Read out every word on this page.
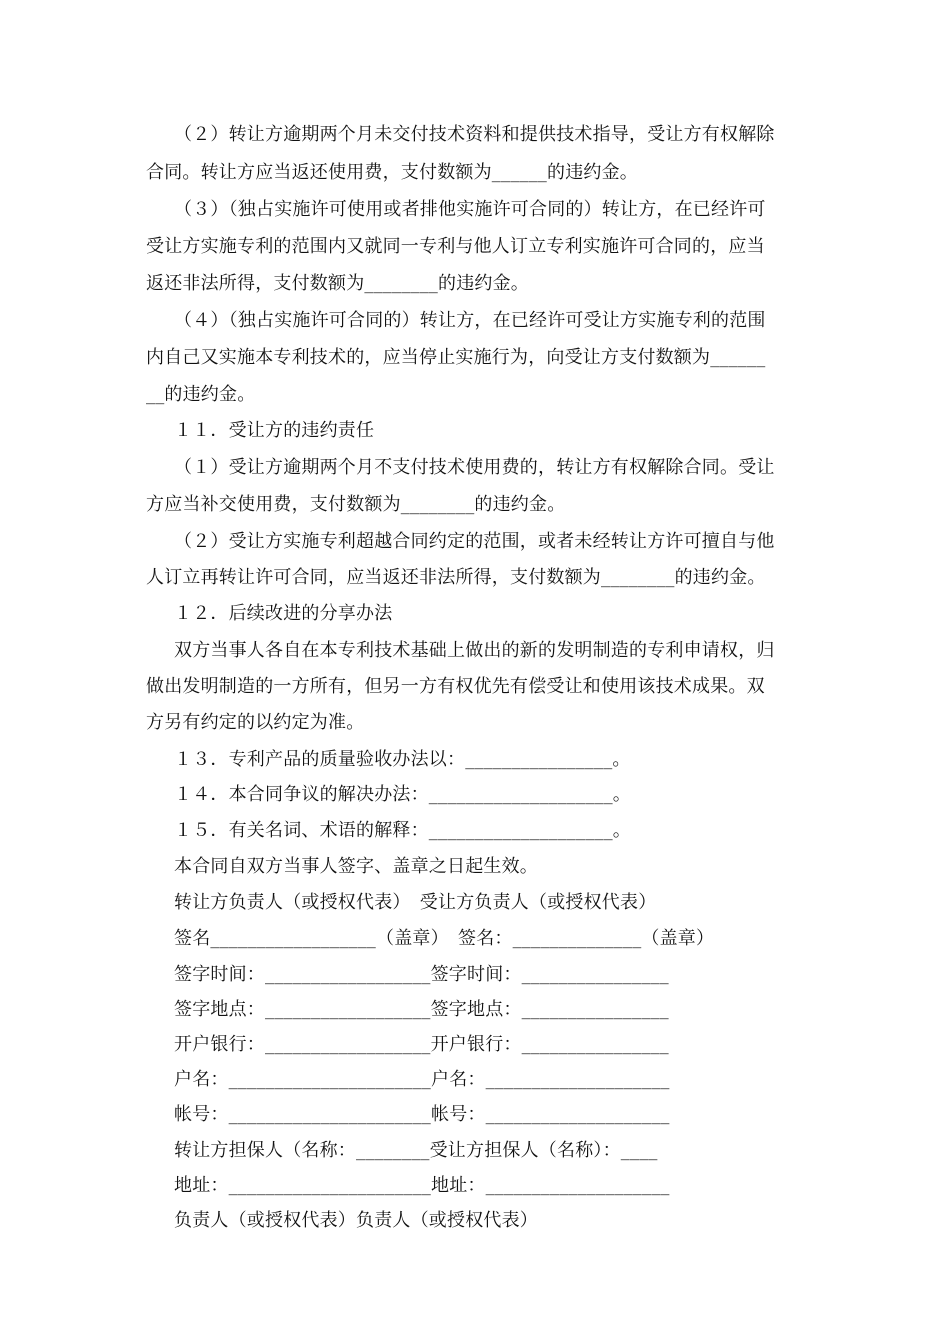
（２）转让方逾期两个月未交付技术资料和提供技术指导，受让方有权解除
合同。转让方应当返还使用费，支付数额为______的违约金。
（３）（独占实施许可使用或者排他实施许可合同的）转让方，在已经许可
受让方实施专利的范围内又就同一专利与他人订立专利实施许可合同的，应当
返还非法所得，支付数额为________的违约金。
（４）（独占实施许可合同的）转让方，在已经许可受让方实施专利的范围
内自己又实施本专利技术的，应当停止实施行为，向受让方支付数额为______
__的违约金。
１１．受让方的违约责任
（１）受让方逾期两个月不支付技术使用费的，转让方有权解除合同。受让
方应当补交使用费，支付数额为________的违约金。
（２）受让方实施专利超越合同约定的范围，或者未经转让方许可擅自与他
人订立再转让许可合同，应当返还非法所得，支付数额为________的违约金。
１２．后续改进的分享办法
双方当事人各自在本专利技术基础上做出的新的发明制造的专利申请权，归
做出发明制造的一方所有，但另一方有权优先有偿受让和使用该技术成果。双
方另有约定的以约定为准。
１３．专利产品的质量验收办法以：________________。
１４．本合同争议的解决办法：____________________。
１５．有关名词、术语的解释：____________________。
本合同自双方当事人签字、盖章之日起生效。
转让方负责人（或授权代表）　受让方负责人（或授权代表）
签名__________________（盖章）　签名：______________（盖章）
签字时间：__________________签字时间：________________
签字地点：__________________签字地点：________________
开户银行：__________________开户银行：________________
户名：______________________户名：____________________
帐号：______________________帐号：____________________
转让方担保人（名称：________受让方担保人（名称）：____
地址：______________________地址：____________________
负责人（或授权代表）负责人（或授权代表）
